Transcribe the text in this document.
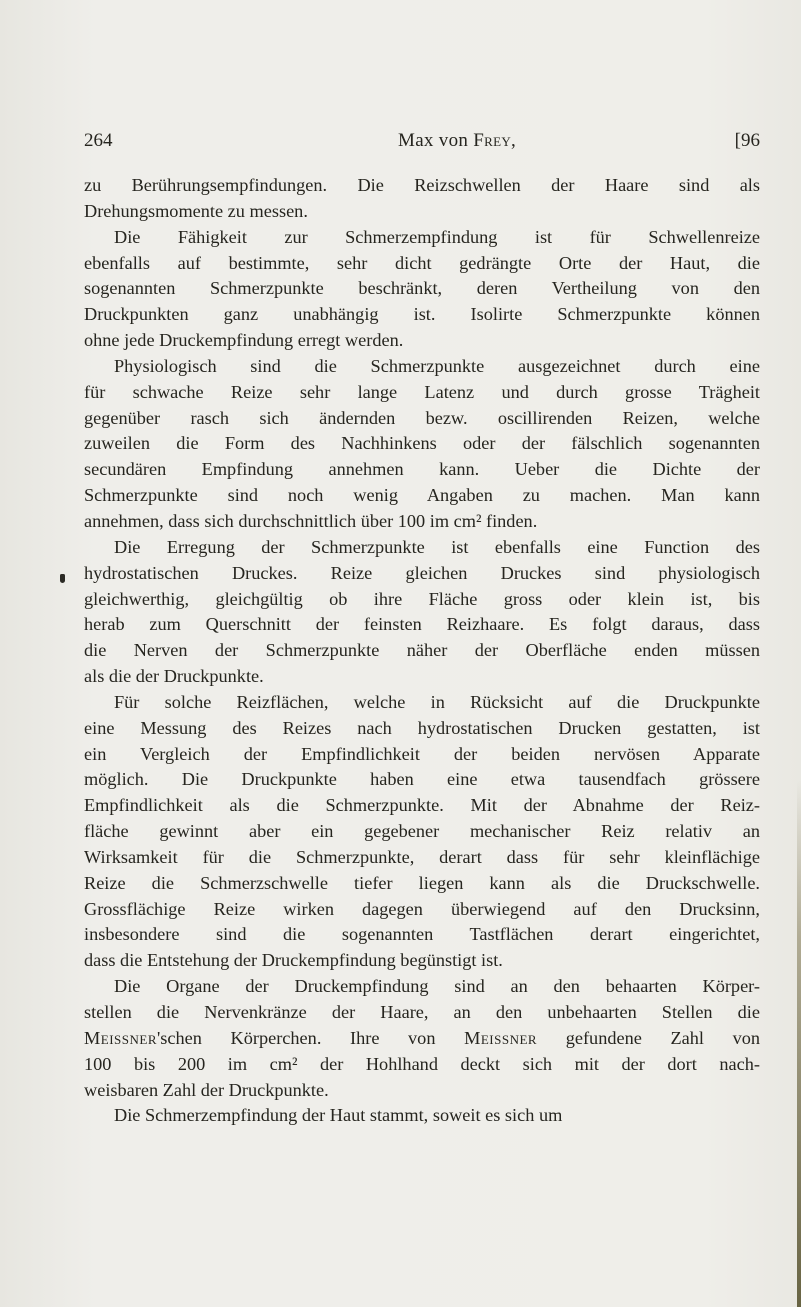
264	Max von Frey,	[96
zu Berührungsempfindungen. Die Reizschwellen der Haare sind als
Drehungsmomente zu messen.
Die Fähigkeit zur Schmerzempfindung ist für Schwellenreize
ebenfalls auf bestimmte, sehr dicht gedrängte Orte der Haut, die
sogenannten Schmerzpunkte beschränkt, deren Vertheilung von den
Druckpunkten ganz unabhängig ist. Isolirte Schmerzpunkte können
ohne jede Druckempfindung erregt werden.
Physiologisch sind die Schmerzpunkte ausgezeichnet durch eine
für schwache Reize sehr lange Latenz und durch grosse Trägheit
gegenüber rasch sich ändernden bezw. oscillirenden Reizen, welche
zuweilen die Form des Nachhinkens oder der fälschlich sogenannten
secundären Empfindung annehmen kann. Ueber die Dichte der
Schmerzpunkte sind noch wenig Angaben zu machen. Man kann
annehmen, dass sich durchschnittlich über 100 im cm² finden.
Die Erregung der Schmerzpunkte ist ebenfalls eine Function des
hydrostatischen Druckes. Reize gleichen Druckes sind physiologisch
gleichwerthig, gleichgültig ob ihre Fläche gross oder klein ist, bis
herab zum Querschnitt der feinsten Reizhaare. Es folgt daraus, dass
die Nerven der Schmerzpunkte näher der Oberfläche enden müssen
als die der Druckpunkte.
Für solche Reizflächen, welche in Rücksicht auf die Druckpunkte
eine Messung des Reizes nach hydrostatischen Drucken gestatten, ist
ein Vergleich der Empfindlichkeit der beiden nervösen Apparate
möglich. Die Druckpunkte haben eine etwa tausendfach grössere
Empfindlichkeit als die Schmerzpunkte. Mit der Abnahme der Reiz-
fläche gewinnt aber ein gegebener mechanischer Reiz relativ an
Wirksamkeit für die Schmerzpunkte, derart dass für sehr kleinflächige
Reize die Schmerzschwelle tiefer liegen kann als die Druckschwelle.
Grossflächige Reize wirken dagegen überwiegend auf den Drucksinn,
insbesondere sind die sogenannten Tastflächen derart eingerichtet,
dass die Entstehung der Druckempfindung begünstigt ist.
Die Organe der Druckempfindung sind an den behaarten Körper-
stellen die Nervenkränze der Haare, an den unbehaarten Stellen die
Meissner'schen Körperchen. Ihre von Meissner gefundene Zahl von
100 bis 200 im cm² der Hohlhand deckt sich mit der dort nach-
weisbaren Zahl der Druckpunkte.
Die Schmerzempfindung der Haut stammt, soweit es sich um
